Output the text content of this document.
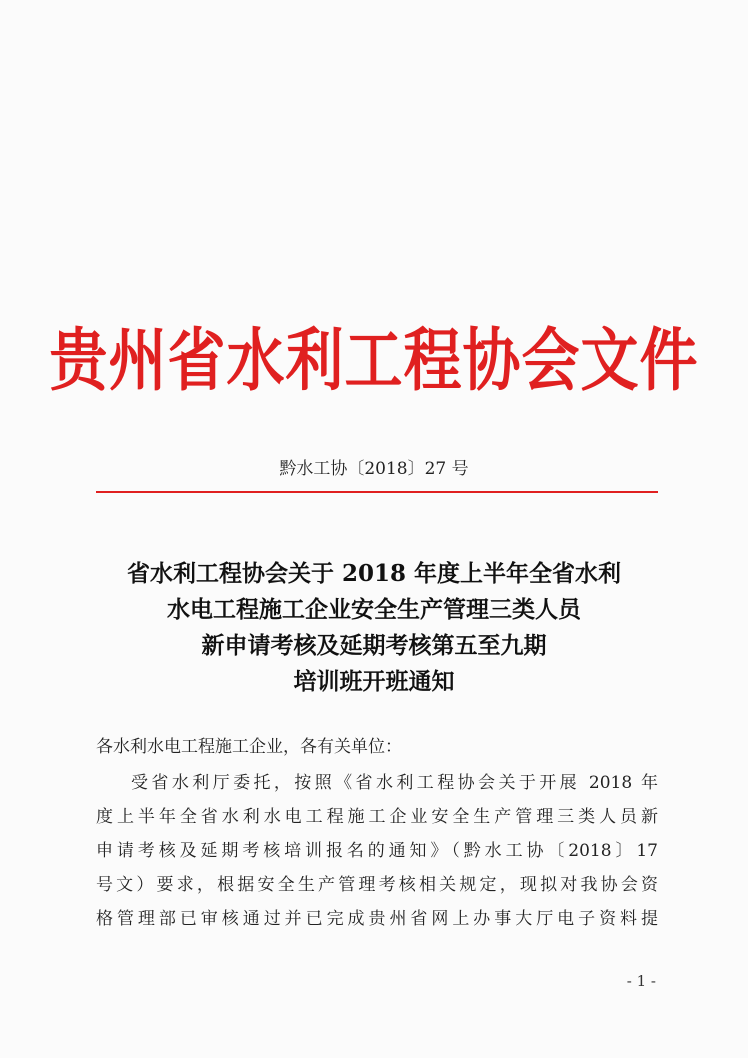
贵州省水利工程协会文件
黔水工协〔2018〕27 号
省水利工程协会关于 2018 年度上半年全省水利
水电工程施工企业安全生产管理三类人员
新申请考核及延期考核第五至九期
培训班开班通知
各水利水电工程施工企业，各有关单位：
受省水利厅委托，按照《省水利工程协会关于开展 2018 年
度上半年全省水利水电工程施工企业安全生产管理三类人员新
申请考核及延期考核培训报名的通知》（黔水工协〔2018〕17
号文）要求，根据安全生产管理考核相关规定，现拟对我协会资
格管理部已审核通过并已完成贵州省网上办事大厅电子资料提
- 1 -
